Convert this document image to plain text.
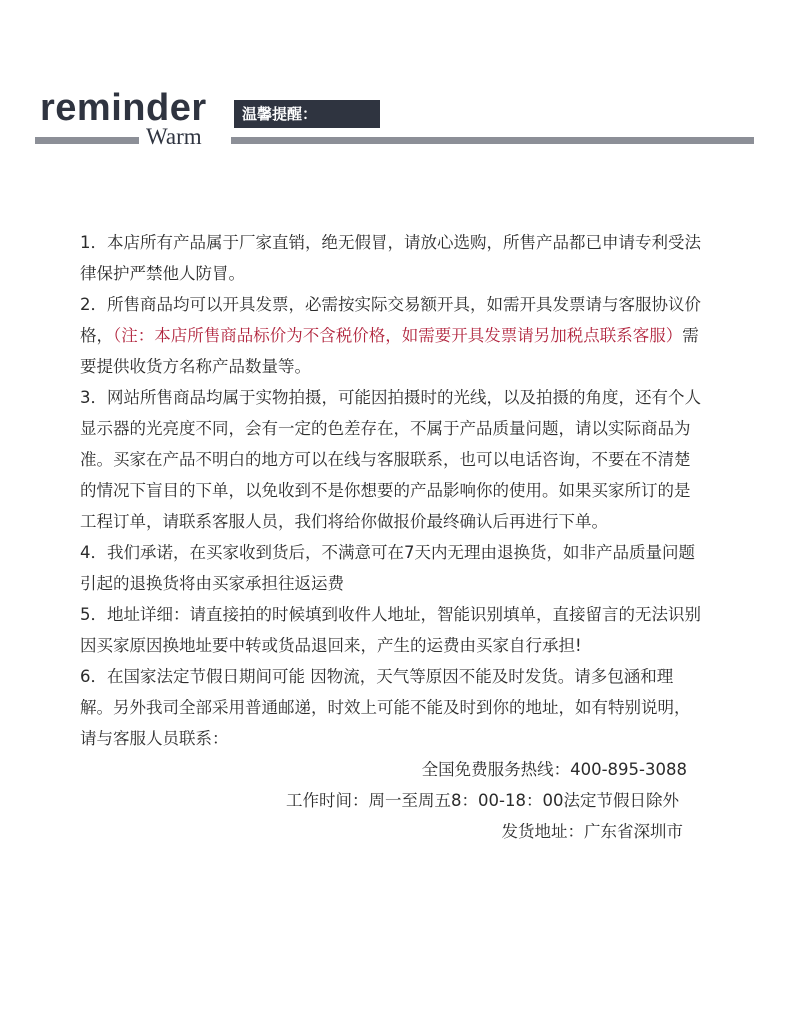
reminder
Warm
温馨提醒：

1．本店所有产品属于厂家直销，绝无假冒，请放心选购，所售产品都已申请专利受法律保护严禁他人防冒。

2．所售商品均可以开具发票，必需按实际交易额开具，如需开具发票请与客服协议价格，（注：本店所售商品标价为不含税价格，如需要开具发票请另加税点联系客服）需要提供收货方名称产品数量等。

3．网站所售商品均属于实物拍摄，可能因拍摄时的光线，以及拍摄的角度，还有个人显示器的光亮度不同，会有一定的色差存在，不属于产品质量问题，请以实际商品为准。买家在产品不明白的地方可以在线与客服联系，也可以电话咨询，不要在不清楚的情况下盲目的下单，以免收到不是你想要的产品影响你的使用。如果买家所订的是工程订单，请联系客服人员，我们将给你做报价最终确认后再进行下单。

4．我们承诺，在买家收到货后，不满意可在7天内无理由退换货，如非产品质量问题引起的退换货将由买家承担往返运费

5．地址详细：请直接拍的时候填到收件人地址，智能识别填单，直接留言的无法识别因买家原因换地址要中转或货品退回来，产生的运费由买家自行承担!

6．在国家法定节假日期间可能 因物流，天气等原因不能及时发货。请多包涵和理解。另外我司全部采用普通邮递，时效上可能不能及时到你的地址，如有特别说明，请与客服人员联系：

全国免费服务热线：400-895-3088

工作时间：周一至周五8：00-18：00法定节假日除外

发货地址：广东省深圳市
